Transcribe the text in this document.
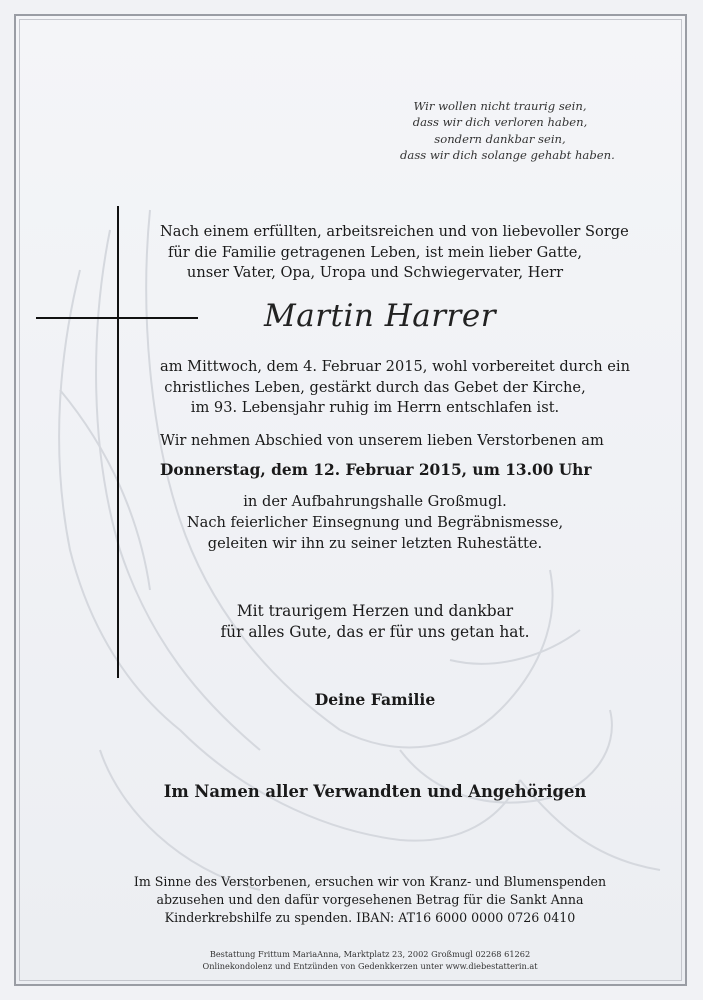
Wir wollen nicht traurig sein,
dass wir dich verloren haben,
sondern dankbar sein,
dass wir dich solange gehabt haben.
Nach einem erfüllten, arbeitsreichen und von liebevoller Sorge
für die Familie getragenen Leben, ist mein lieber Gatte,
unser Vater, Opa, Uropa und Schwiegervater, Herr
Martin Harrer
am Mittwoch, dem 4. Februar 2015, wohl vorbereitet durch ein
christliches Leben, gestärkt durch das Gebet der Kirche,
im 93. Lebensjahr ruhig im Herrn entschlafen ist.
Wir nehmen Abschied von unserem lieben Verstorbenen am
Donnerstag, dem 12. Februar 2015, um 13.00 Uhr
in der Aufbahrungshalle Großmugl.
Nach feierlicher Einsegnung und Begräbnismesse,
geleiten wir ihn zu seiner letzten Ruhestätte.
Mit traurigem Herzen und dankbar
für alles Gute, das er für uns getan hat.
Deine Familie
Im Namen aller Verwandten und Angehörigen
Im Sinne des Verstorbenen, ersuchen wir von Kranz- und Blumenspenden
abzusehen und den dafür vorgesehenen Betrag für die Sankt Anna
Kinderkrebshilfe zu spenden. IBAN: AT16 6000 0000 0726 0410
Bestattung Frittum MariaAnna, Marktplatz 23, 2002 Großmugl 02268 61262
Onlinekondolenz und Entzünden von Gedenkkerzen unter www.diebestatterin.at
